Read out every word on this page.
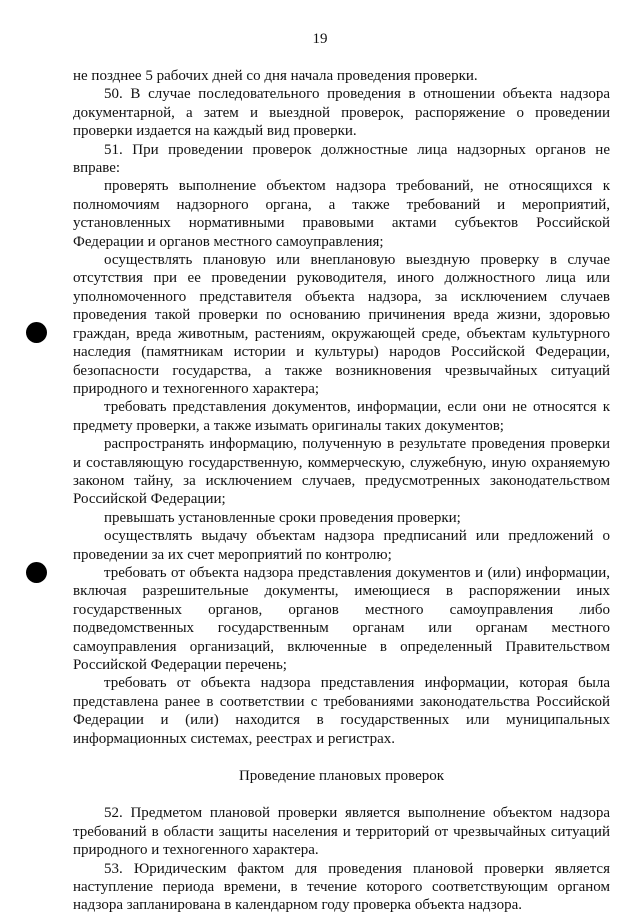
19

не позднее 5 рабочих дней со дня начала проведения проверки.

50. В случае последовательного проведения в отношении объекта надзора документарной, а затем и выездной проверок, распоряжение о проведении проверки издается на каждый вид проверки.

51. При проведении проверок должностные лица надзорных органов не вправе:

проверять выполнение объектом надзора требований, не относящихся к полномочиям надзорного органа, а также требований и мероприятий, установленных нормативными правовыми актами субъектов Российской Федерации и органов местного самоуправления;

осуществлять плановую или внеплановую выездную проверку в случае отсутствия при ее проведении руководителя, иного должностного лица или уполномоченного представителя объекта надзора, за исключением случаев проведения такой проверки по основанию причинения вреда жизни, здоровью граждан, вреда животным, растениям, окружающей среде, объектам культурного наследия (памятникам истории и культуры) народов Российской Федерации, безопасности государства, а также возникновения чрезвычайных ситуаций природного и техногенного характера;

требовать представления документов, информации, если они не относятся к предмету проверки, а также изымать оригиналы таких документов;

распространять информацию, полученную в результате проведения проверки и составляющую государственную, коммерческую, служебную, иную охраняемую законом тайну, за исключением случаев, предусмотренных законодательством Российской Федерации;

превышать установленные сроки проведения проверки;

осуществлять выдачу объектам надзора предписаний или предложений о проведении за их счет мероприятий по контролю;

требовать от объекта надзора представления документов и (или) информации, включая разрешительные документы, имеющиеся в распоряжении иных государственных органов, органов местного самоуправления либо подведомственных государственным органам или органам местного самоуправления организаций, включенные в определенный Правительством Российской Федерации перечень;

требовать от объекта надзора представления информации, которая была представлена ранее в соответствии с требованиями законодательства Российской Федерации и (или) находится в государственных или муниципальных информационных системах, реестрах и регистрах.

Проведение плановых проверок

52. Предметом плановой проверки является выполнение объектом надзора требований в области защиты населения и территорий от чрезвычайных ситуаций природного и техногенного характера.

53. Юридическим фактом для проведения плановой проверки является наступление периода времени, в течение которого соответствующим органом надзора запланирована в календарном году проверка объекта надзора.
